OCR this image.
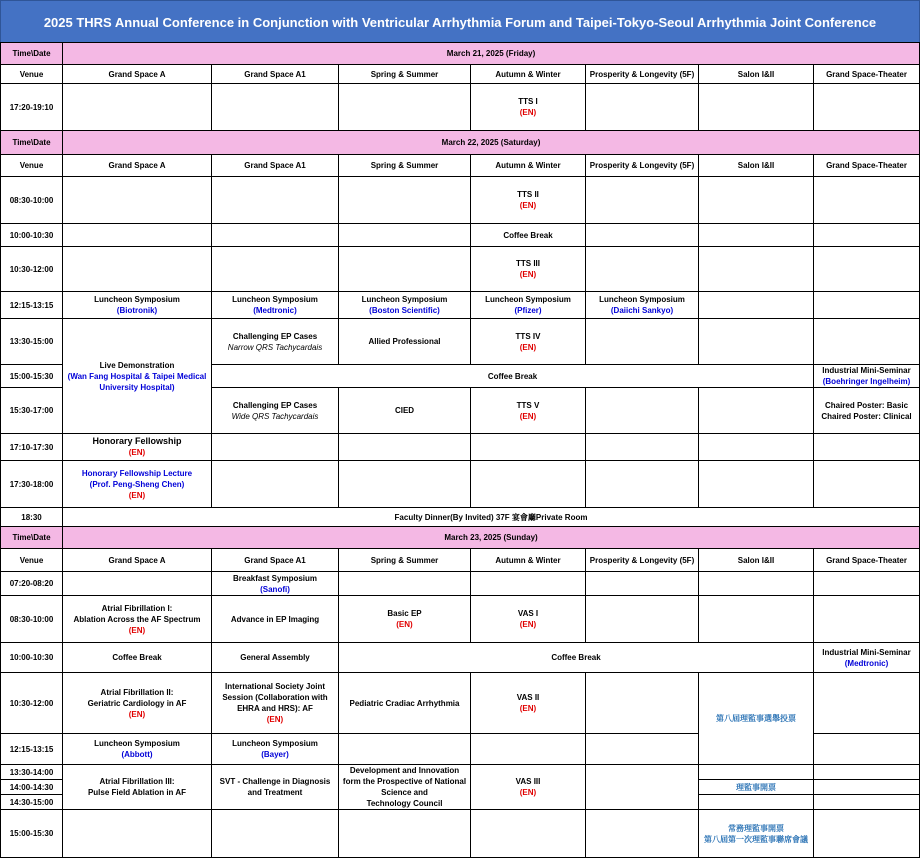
2025 THRS Annual Conference in Conjunction with Ventricular Arrhythmia Forum and Taipei-Tokyo-Seoul Arrhythmia Joint Conference
Time\Date	March 21, 2025 (Friday)						
Venue	Grand Space A	Grand Space A1	Spring & Summer	Autumn & Winter	Prosperity & Longevity (5F)	Salon I&II	Grand Space-Theater
17:20-19:10				TTS I
(EN)			
Time\Date	March 22, 2025 (Saturday)						
Venue	Grand Space A	Grand Space A1	Spring & Summer	Autumn & Winter	Prosperity & Longevity (5F)	Salon I&II	Grand Space-Theater
08:30-10:00				TTS II
(EN)			
10:00-10:30				Coffee Break			
10:30-12:00				TTS III
(EN)			
12:15-13:15	Luncheon Symposium
(Biotronik)	Luncheon Symposium
(Medtronic)	Luncheon Symposium
(Boston Scientific)	Luncheon Symposium
(Pfizer)	Luncheon Symposium
(Daiichi Sankyo)		
13:30-15:00	Live Demonstration
(Wan Fang Hospital & Taipei Medical University Hospital)	Challenging EP Cases
Narrow QRS Tachycardais	Allied Professional	TTS IV
(EN)			
15:00-15:30		Coffee Break					Industrial Mini-Seminar
(Boehringer Ingelheim)
15:30-17:00		Challenging EP Cases
Wide QRS Tachycardais	CIED	TTS V
(EN)			Chaired Poster: Basic
Chaired Poster: Clinical
17:10-17:30	Honorary Fellowship
(EN)						
17:30-18:00	Honorary Fellowship Lecture
(Prof. Peng-Sheng Chen)
(EN)						
18:30	Faculty Dinner(By Invited) 37F 宴會廳Private Room						
Time\Date	March 23, 2025 (Sunday)						
Venue	Grand Space A	Grand Space A1	Spring & Summer	Autumn & Winter	Prosperity & Longevity (5F)	Salon I&II	Grand Space-Theater
07:20-08:20		Breakfast Symposium
(Sanofi)					
08:30-10:00	Atrial Fibrillation I:
Ablation Across the AF Spectrum
(EN)	Advance in EP Imaging	Basic EP
(EN)	VAS I
(EN)			
10:00-10:30	Coffee Break	General Assembly	Coffee Break				Industrial Mini-Seminar
(Medtronic)
10:30-12:00	Atrial Fibrillation II:
Geriatric Cardiology in AF
(EN)	International Society Joint
Session (Collaboration with
EHRA and HRS): AF
(EN)	Pediatric Cradiac Arrhythmia	VAS II
(EN)		第八屆理監事選舉投票	
12:15-13:15	Luncheon Symposium
(Abbott)	Luncheon Symposium
(Bayer)					
13:30-14:00	Atrial Fibrillation III:
Pulse Field Ablation in AF	SVT - Challenge in Diagnosis
and Treatment	Development and Innovation
form the Prospective of National
Science and
Technology Council	VAS III
(EN)			
14:00-14:30						理監事開票	
14:30-15:00							
15:00-15:30						常務理監事開票
第八屆第一次理監事聯席會議	
